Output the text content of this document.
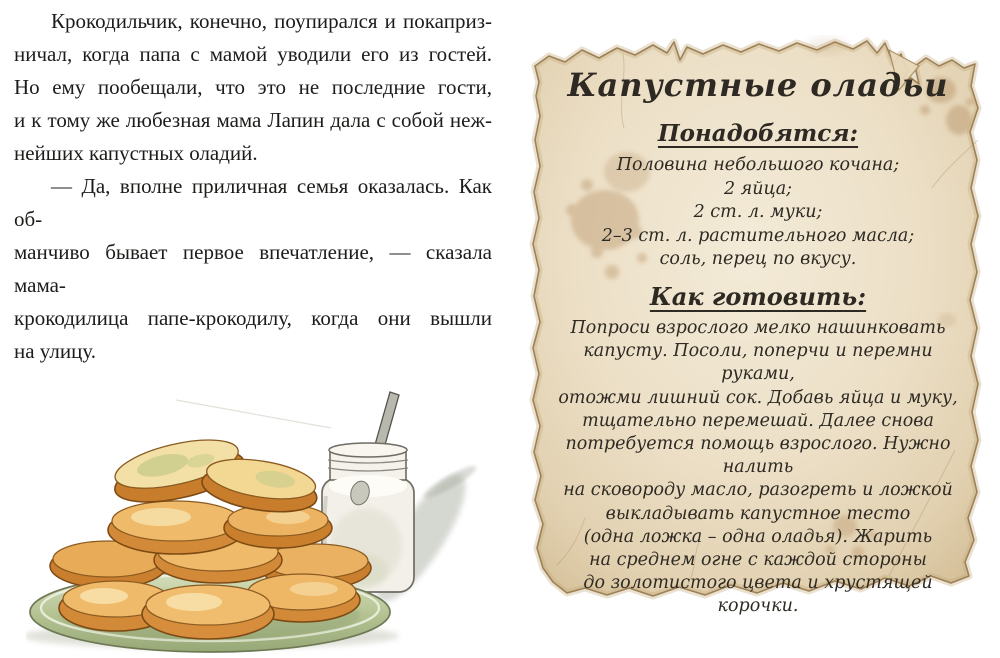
Крокодильчик, конечно, поупирался и покаприз-
ничал, когда папа с мамой уводили его из гостей.
Но ему пообещали, что это не последние гости,
и к тому же любезная мама Лапин дала с собой неж-
нейших капустных оладий.

— Да, вполне приличная семья оказалась. Как об-
манчиво бывает первое впечатление, — сказала мама-
крокодилица папе-крокодилу, когда они вышли
на улицу.

Капустные оладьи
Понадобятся:
Половина небольшого кочана;
2 яйца;
2 ст. л. муки;
2–3 ст. л. растительного масла;
соль, перец по вкусу.
Как готовить:
Попроси взрослого мелко нашинковать
капусту. Посоли, поперчи и перемни руками,
отожми лишний сок. Добавь яйца и муку,
тщательно перемешай. Далее снова
потребуется помощь взрослого. Нужно налить
на сковороду масло, разогреть и ложкой
выкладывать капустное тесто
(одна ложка – одна оладья). Жарить
на среднем огне с каждой стороны
до золотистого цвета и хрустящей корочки.
